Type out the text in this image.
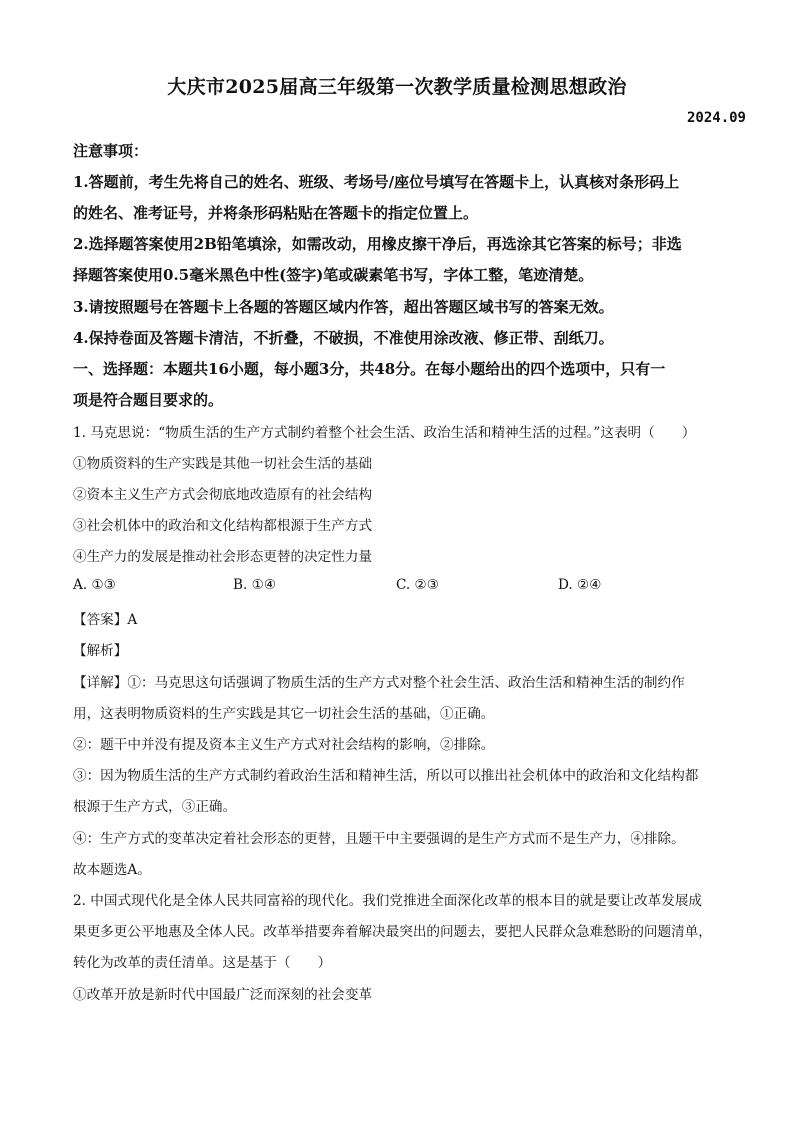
大庆市2025届高三年级第一次教学质量检测思想政治
2024.09
注意事项：
1.答题前，考生先将自己的姓名、班级、考场号/座位号填写在答题卡上，认真核对条形码上
的姓名、准考证号，并将条形码粘贴在答题卡的指定位置上。
2.选择题答案使用2B铅笔填涂，如需改动，用橡皮擦干净后，再选涂其它答案的标号；非选
择题答案使用0.5毫米黑色中性(签字)笔或碳素笔书写，字体工整，笔迹清楚。
3.请按照题号在答题卡上各题的答题区域内作答，超出答题区域书写的答案无效。
4.保持卷面及答题卡清洁，不折叠，不破损，不准使用涂改液、修正带、刮纸刀。
一、选择题：本题共16小题，每小题3分，共48分。在每小题给出的四个选项中，只有一
项是符合题目要求的。
1. 马克思说：“物质生活的生产方式制约着整个社会生活、政治生活和精神生活的过程。”这表明（　　）
①物质资料的生产实践是其他一切社会生活的基础
②资本主义生产方式会彻底地改造原有的社会结构
③社会机体中的政治和文化结构都根源于生产方式
④生产力的发展是推动社会形态更替的决定性力量
A. ①③	B. ①④	C. ②③	D. ②④
【答案】A
【解析】
【详解】①：马克思这句话强调了物质生活的生产方式对整个社会生活、政治生活和精神生活的制约作
用，这表明物质资料的生产实践是其它一切社会生活的基础，①正确。
②：题干中并没有提及资本主义生产方式对社会结构的影响，②排除。
③：因为物质生活的生产方式制约着政治生活和精神生活，所以可以推出社会机体中的政治和文化结构都
根源于生产方式，③正确。
④：生产方式的变革决定着社会形态的更替，且题干中主要强调的是生产方式而不是生产力，④排除。
故本题选A。
2. 中国式现代化是全体人民共同富裕的现代化。我们党推进全面深化改革的根本目的就是要让改革发展成
果更多更公平地惠及全体人民。改革举措要奔着解决最突出的问题去，要把人民群众急难愁盼的问题清单，
转化为改革的责任清单。这是基于（　　）
①改革开放是新时代中国最广泛而深刻的社会变革
